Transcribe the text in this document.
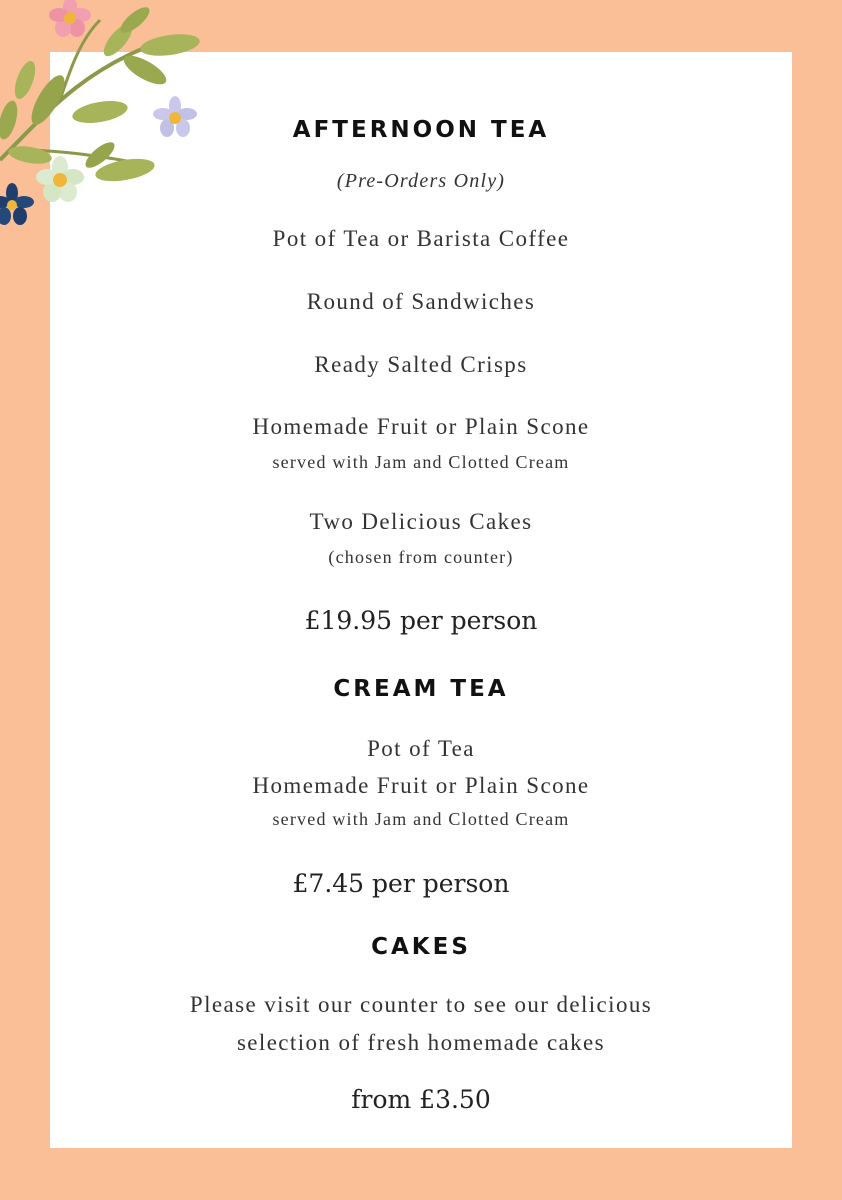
AFTERNOON TEA
(Pre-Orders Only)
Pot of Tea or Barista Coffee
Round of Sandwiches
Ready Salted Crisps
Homemade Fruit or Plain Scone
served with Jam and Clotted Cream
Two Delicious Cakes
(chosen from counter)
£19.95 per person
CREAM TEA
Pot of Tea
Homemade Fruit or Plain Scone
served with Jam and Clotted Cream
£7.45 per person
CAKES
Please visit our counter to see our delicious
selection of fresh homemade cakes
from £3.50
